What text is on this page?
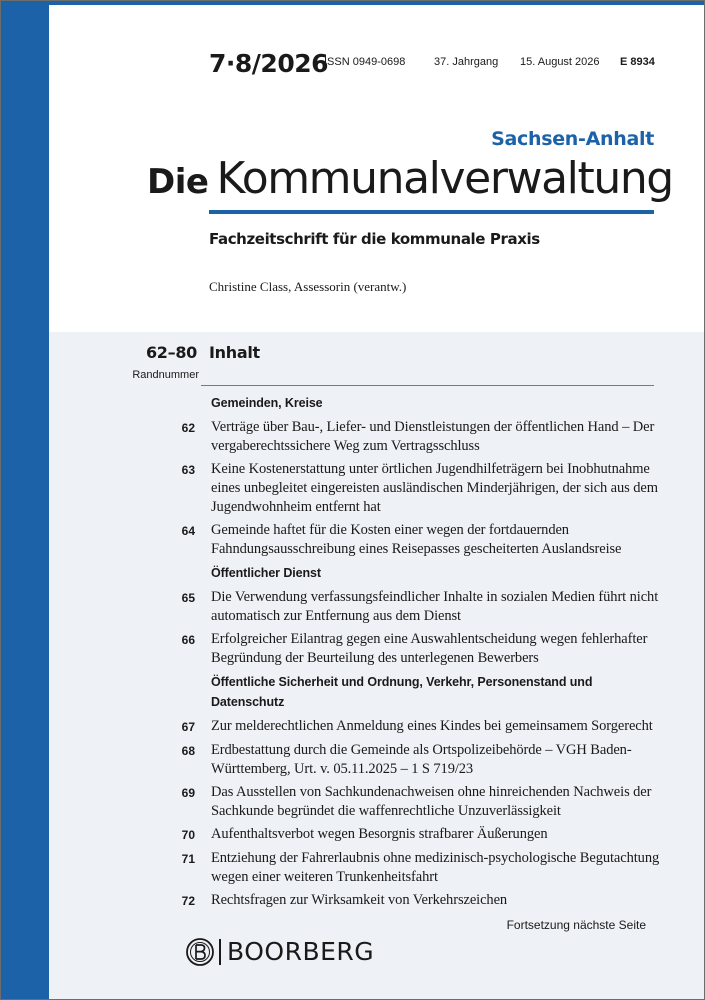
7·8/2026
ISSN 0949-0698	37. Jahrgang 15. August 2026 E 8934
Sachsen-Anhalt
Die Kommunalverwaltung
Fachzeitschrift für die kommunale Praxis
Christine Class, Assessorin (verantw.)
62–80
Randnummer
Inhalt
Gemeinden, Kreise
62 Verträge über Bau-, Liefer- und Dienstleistungen der öffentlichen Hand – Der vergaberechtssichere Weg zum Vertragsschluss
63 Keine Kostenerstattung unter örtlichen Jugendhilfeträgern bei Inobhutnahme eines unbegleitet eingereisten ausländischen Minderjährigen, der sich aus dem Jugendwohnheim entfernt hat
64 Gemeinde haftet für die Kosten einer wegen der fortdauernden Fahndungsausschreibung eines Reisepasses gescheiterten Auslandsreise
Öffentlicher Dienst
65 Die Verwendung verfassungsfeindlicher Inhalte in sozialen Medien führt nicht automatisch zur Entfernung aus dem Dienst
66 Erfolgreicher Eilantrag gegen eine Auswahlentscheidung wegen fehlerhafter Begründung der Beurteilung des unterlegenen Bewerbers
Öffentliche Sicherheit und Ordnung, Verkehr, Personenstand und
Datenschutz
67 Zur melderechtlichen Anmeldung eines Kindes bei gemeinsamem Sorgerecht
68 Erdbestattung durch die Gemeinde als Ortspolizeibehörde – VGH Baden-Württemberg, Urt. v. 05.11.2025 – 1 S 719/23
69 Das Ausstellen von Sachkundenachweisen ohne hinreichenden Nachweis der Sachkunde begründet die waffenrechtliche Unzuverlässigkeit
70 Aufenthaltsverbot wegen Besorgnis strafbarer Äußerungen
71 Entziehung der Fahrerlaubnis ohne medizinisch-psychologische Begutachtung wegen einer weiteren Trunkenheitsfahrt
72 Rechtsfragen zur Wirksamkeit von Verkehrszeichen
Fortsetzung nächste Seite
BOORBERG
